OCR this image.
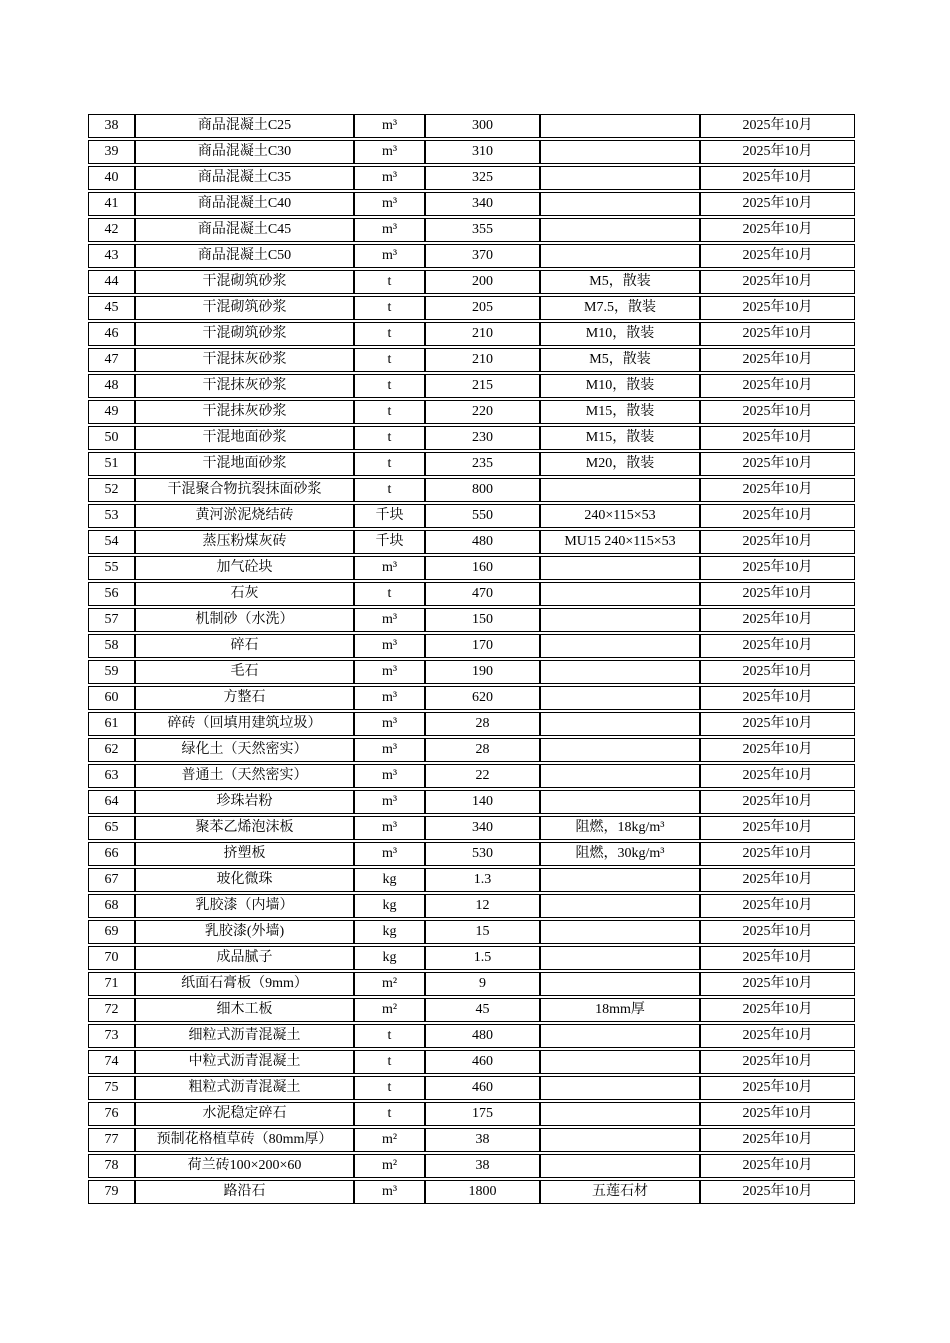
38	商品混凝土C25	m³	300		2025年10月
39	商品混凝土C30	m³	310		2025年10月
40	商品混凝土C35	m³	325		2025年10月
41	商品混凝土C40	m³	340		2025年10月
42	商品混凝土C45	m³	355		2025年10月
43	商品混凝土C50	m³	370		2025年10月
44	干混砌筑砂浆	t	200	M5，散装	2025年10月
45	干混砌筑砂浆	t	205	M7.5，散装	2025年10月
46	干混砌筑砂浆	t	210	M10，散装	2025年10月
47	干混抹灰砂浆	t	210	M5，散装	2025年10月
48	干混抹灰砂浆	t	215	M10，散装	2025年10月
49	干混抹灰砂浆	t	220	M15，散装	2025年10月
50	干混地面砂浆	t	230	M15，散装	2025年10月
51	干混地面砂浆	t	235	M20，散装	2025年10月
52	干混聚合物抗裂抹面砂浆	t	800		2025年10月
53	黄河淤泥烧结砖	千块	550	240×115×53	2025年10月
54	蒸压粉煤灰砖	千块	480	MU15 240×115×53	2025年10月
55	加气砼块	m³	160		2025年10月
56	石灰	t	470		2025年10月
57	机制砂（水洗）	m³	150		2025年10月
58	碎石	m³	170		2025年10月
59	毛石	m³	190		2025年10月
60	方整石	m³	620		2025年10月
61	碎砖（回填用建筑垃圾）	m³	28		2025年10月
62	绿化土（天然密实）	m³	28		2025年10月
63	普通土（天然密实）	m³	22		2025年10月
64	珍珠岩粉	m³	140		2025年10月
65	聚苯乙烯泡沫板	m³	340	阻燃，18kg/m³	2025年10月
66	挤塑板	m³	530	阻燃，30kg/m³	2025年10月
67	玻化微珠	kg	1.3		2025年10月
68	乳胶漆（内墙）	kg	12		2025年10月
69	乳胶漆(外墙)	kg	15		2025年10月
70	成品腻子	kg	1.5		2025年10月
71	纸面石膏板（9mm）	m²	9		2025年10月
72	细木工板	m²	45	18mm厚	2025年10月
73	细粒式沥青混凝土	t	480		2025年10月
74	中粒式沥青混凝土	t	460		2025年10月
75	粗粒式沥青混凝土	t	460		2025年10月
76	水泥稳定碎石	t	175		2025年10月
77	预制花格植草砖（80mm厚）	m²	38		2025年10月
78	荷兰砖100×200×60	m²	38		2025年10月
79	路沿石	m³	1800	五莲石材	2025年10月
